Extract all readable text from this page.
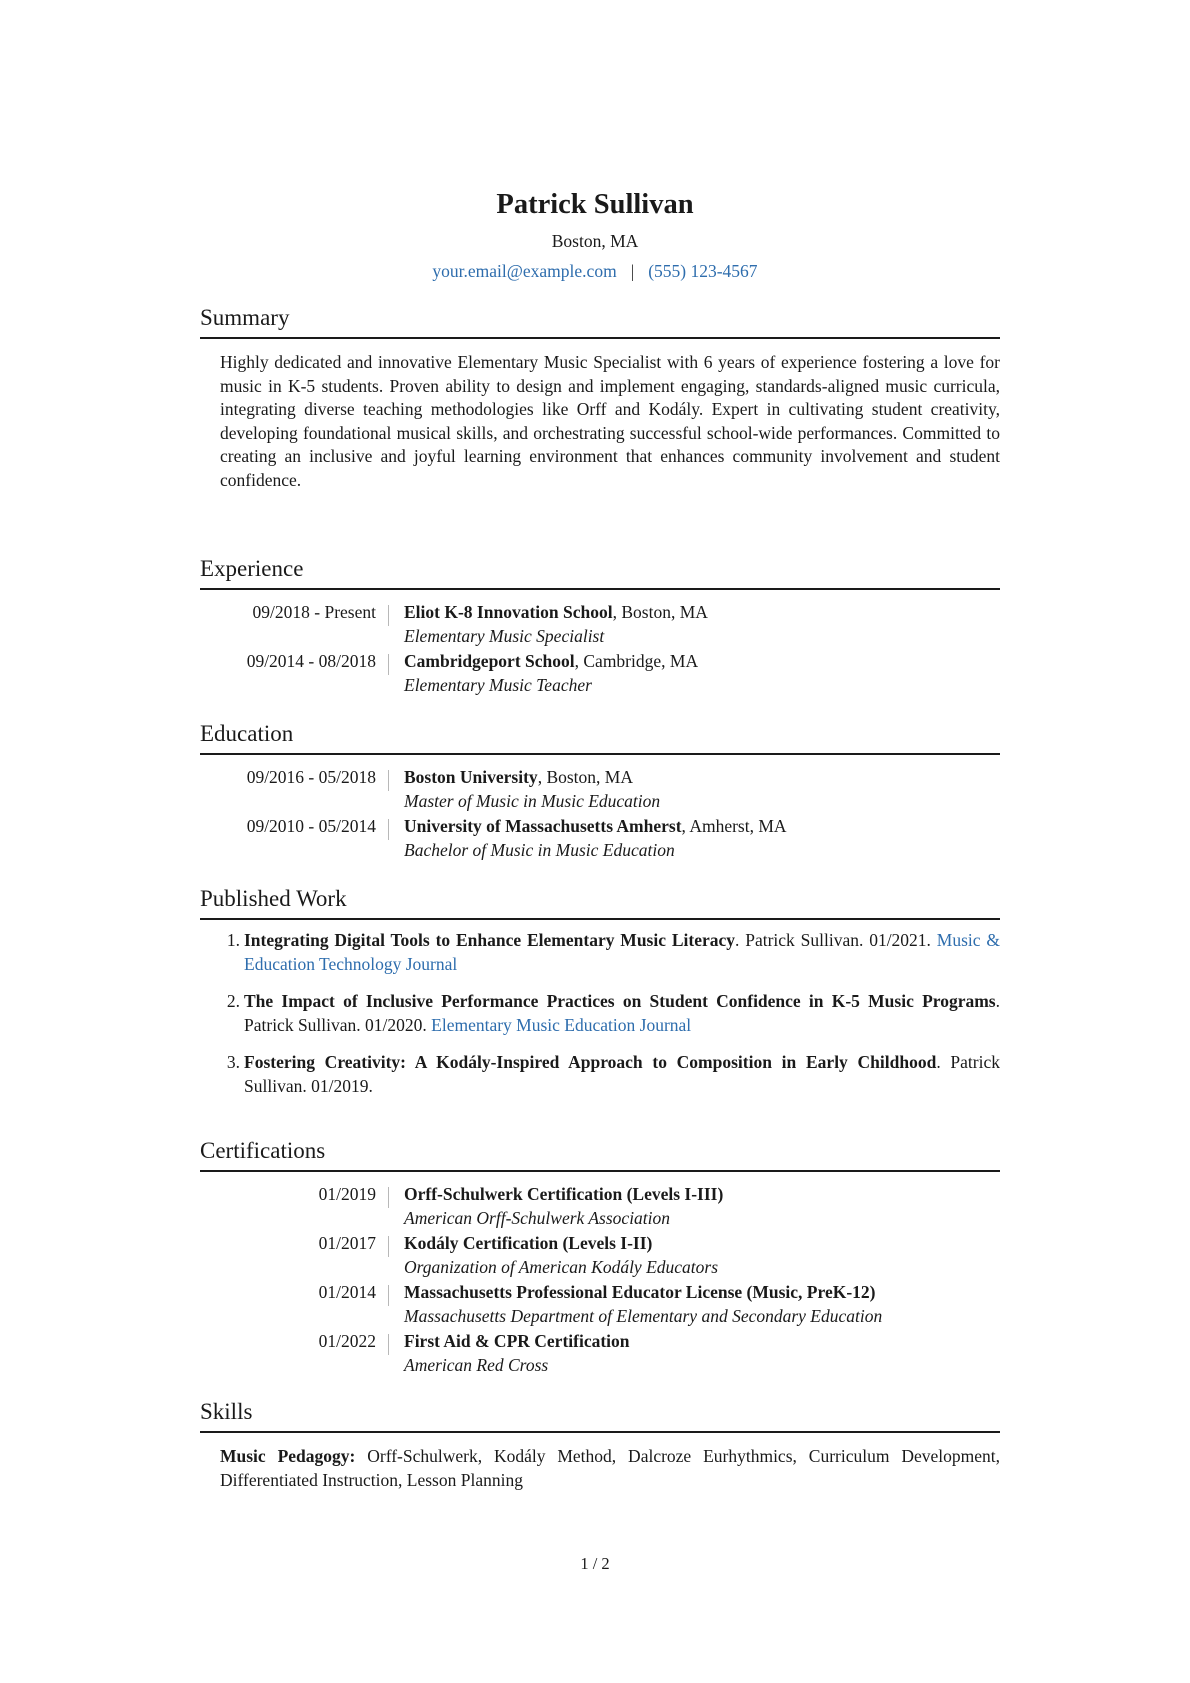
Patrick Sullivan
Boston, MA
your.email@example.com | (555) 123-4567
Summary
Highly dedicated and innovative Elementary Music Specialist with 6 years of experience fostering a love for music in K-5 students. Proven ability to design and implement engaging, standards-aligned music curricula, integrating diverse teaching methodologies like Orff and Kodály. Expert in cultivating student creativity, developing foundational musical skills, and orchestrating successful school-wide performances. Committed to creating an inclusive and joyful learning environment that enhances community involvement and student confidence.
Experience
09/2018 - Present	Eliot K-8 Innovation School, Boston, MA
Elementary Music Specialist
09/2014 - 08/2018	Cambridgeport School, Cambridge, MA
Elementary Music Teacher
Education
09/2016 - 05/2018	Boston University, Boston, MA
Master of Music in Music Education
09/2010 - 05/2014	University of Massachusetts Amherst, Amherst, MA
Bachelor of Music in Music Education
Published Work
1. Integrating Digital Tools to Enhance Elementary Music Literacy. Patrick Sullivan. 01/2021. Music & Education Technology Journal
2. The Impact of Inclusive Performance Practices on Student Confidence in K-5 Music Programs. Patrick Sullivan. 01/2020. Elementary Music Education Journal
3. Fostering Creativity: A Kodály-Inspired Approach to Composition in Early Childhood. Patrick Sullivan. 01/2019.
Certifications
01/2019	Orff-Schulwerk Certification (Levels I-III)
American Orff-Schulwerk Association
01/2017	Kodály Certification (Levels I-II)
Organization of American Kodály Educators
01/2014	Massachusetts Professional Educator License (Music, PreK-12)
Massachusetts Department of Elementary and Secondary Education
01/2022	First Aid & CPR Certification
American Red Cross
Skills
Music Pedagogy: Orff-Schulwerk, Kodály Method, Dalcroze Eurhythmics, Curriculum Development, Differentiated Instruction, Lesson Planning
1 / 2
